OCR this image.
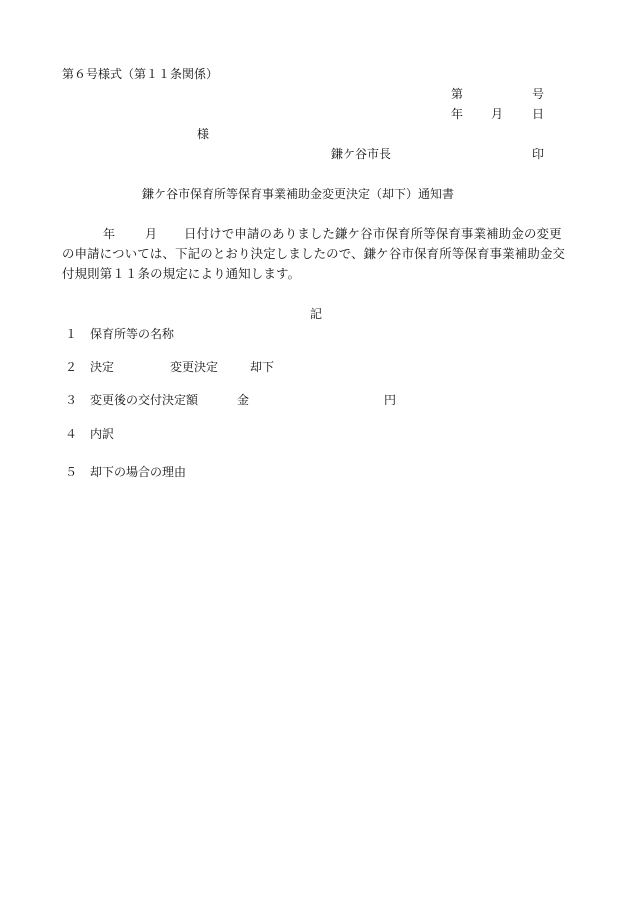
第６号様式（第１１条関係）
第	号
年 月 日
様
鎌ケ谷市長	印
鎌ケ谷市保育所等保育事業補助金変更決定（却下）通知書
年 月	日付けで申請のありました鎌ケ谷市保育所等保育事業補助金の変更の申請については、下記のとおり決定しましたので、鎌ケ谷市保育所等保育事業補助金交付規則第１１条の規定により通知します。
記
１ 保育所等の名称
２ 決定	変更決定	却下
３ 変更後の交付決定額	金	円
４ 内訳
５ 却下の場合の理由
